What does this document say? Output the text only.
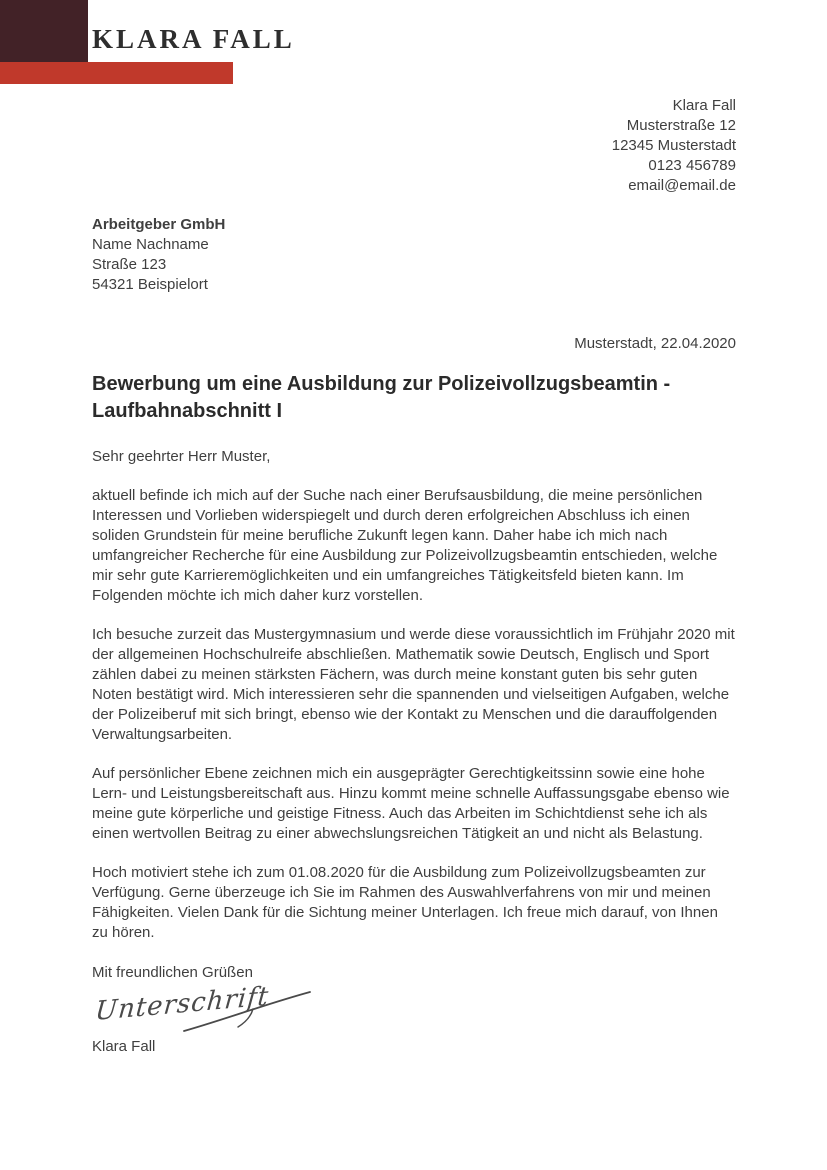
KLARA FALL
Klara Fall
Musterstraße 12
12345 Musterstadt
0123 456789
email@email.de
Arbeitgeber GmbH
Name Nachname
Straße 123
54321 Beispielort
Musterstadt, 22.04.2020
Bewerbung um eine Ausbildung zur Polizeivollzugsbeamtin - Laufbahnabschnitt I

Sehr geehrter Herr Muster,

aktuell befinde ich mich auf der Suche nach einer Berufsausbildung, die meine persönlichen Interessen und Vorlieben widerspiegelt und durch deren erfolgreichen Abschluss ich einen soliden Grundstein für meine berufliche Zukunft legen kann. Daher habe ich mich nach umfangreicher Recherche für eine Ausbildung zur Polizeivollzugsbeamtin entschieden, welche mir sehr gute Karrieremöglichkeiten und ein umfangreiches Tätigkeitsfeld bieten kann. Im Folgenden möchte ich mich daher kurz vorstellen.

Ich besuche zurzeit das Mustergymnasium und werde diese voraussichtlich im Frühjahr 2020 mit der allgemeinen Hochschulreife abschließen. Mathematik sowie Deutsch, Englisch und Sport zählen dabei zu meinen stärksten Fächern, was durch meine konstant guten bis sehr guten Noten bestätigt wird. Mich interessieren sehr die spannenden und vielseitigen Aufgaben, welche der Polizeiberuf mit sich bringt, ebenso wie der Kontakt zu Menschen und die darauffolgenden Verwaltungsarbeiten.

Auf persönlicher Ebene zeichnen mich ein ausgeprägter Gerechtigkeitssinn sowie eine hohe Lern- und Leistungsbereitschaft aus. Hinzu kommt meine schnelle Auffassungsgabe ebenso wie meine gute körperliche und geistige Fitness. Auch das Arbeiten im Schichtdienst sehe ich als einen wertvollen Beitrag zu einer abwechslungsreichen Tätigkeit an und nicht als Belastung.

Hoch motiviert stehe ich zum 01.08.2020 für die Ausbildung zum Polizeivollzugsbeamten zur Verfügung. Gerne überzeuge ich Sie im Rahmen des Auswahlverfahrens von mir und meinen Fähigkeiten. Vielen Dank für die Sichtung meiner Unterlagen. Ich freue mich darauf, von Ihnen zu hören.

Mit freundlichen Grüßen

Unterschrift
Klara Fall
